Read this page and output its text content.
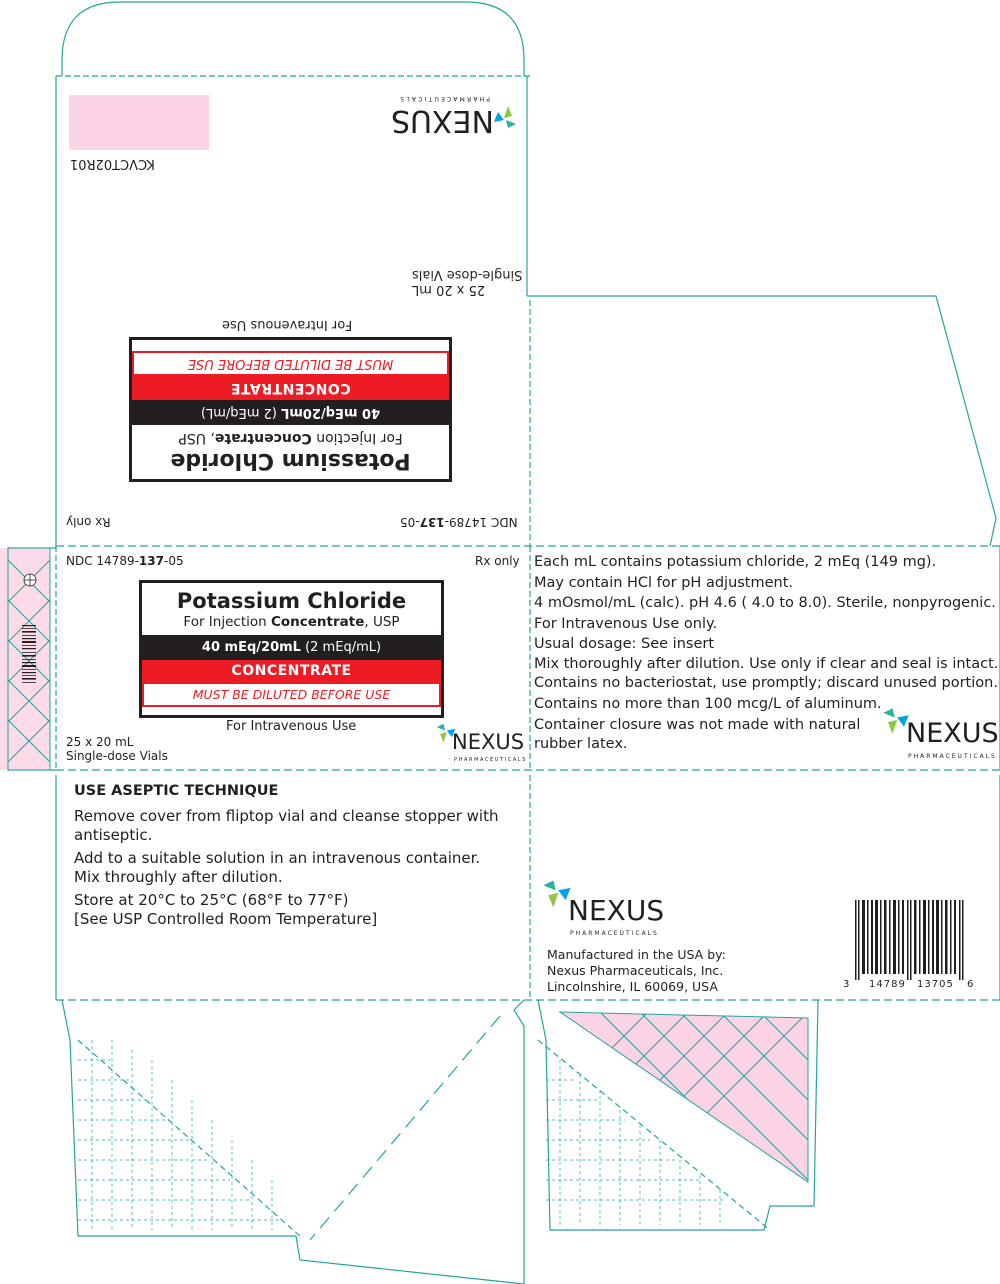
KCVCT02R01
NEXUS
PHARMACEUTICALS
25 x 20 mL
Single-dose Vials
For Intravenous Use
Potassium Chloride
For Injection Concentrate, USP
40 mEq/20mL (2 mEq/mL)
CONCENTRATE
MUST BE DILUTED BEFORE USE
Rx only	NDC 14789-137-05
NDC 14789-137-05	Rx only
Potassium Chloride
For Injection Concentrate, USP
40 mEq/20mL (2 mEq/mL)
CONCENTRATE
MUST BE DILUTED BEFORE USE
For Intravenous Use
25 x 20 mL
Single-dose Vials
NEXUS
PHARMACEUTICALS

Each mL contains potassium chloride, 2 mEq (149 mg).

May contain HCl for pH adjustment.

4 mOsmol/mL (calc). pH 4.6 ( 4.0 to 8.0). Sterile, nonpyrogenic.

For Intravenous Use only.

Usual dosage: See insert

Mix thoroughly after dilution. Use only if clear and seal is intact.

Contains no bacteriostat, use promptly; discard unused portion.

Contains no more than 100 mcg/L of aluminum.

Container closure was not made with natural

rubber latex.	NEXUS
PHARMACEUTICALS
USE ASEPTIC TECHNIQUE
Remove cover from fliptop vial and cleanse stopper with
antiseptic.
Add to a suitable solution in an intravenous container.
Mix throughly after dilution.
Store at 20°C to 25°C (68°F to 77°F)
[See USP Controlled Room Temperature]	NEXUS
PHARMACEUTICALS
Manufactured in the USA by:
Nexus Pharmaceuticals, Inc.
Lincolnshire, IL 60069, USA	3 14789 13705 6
